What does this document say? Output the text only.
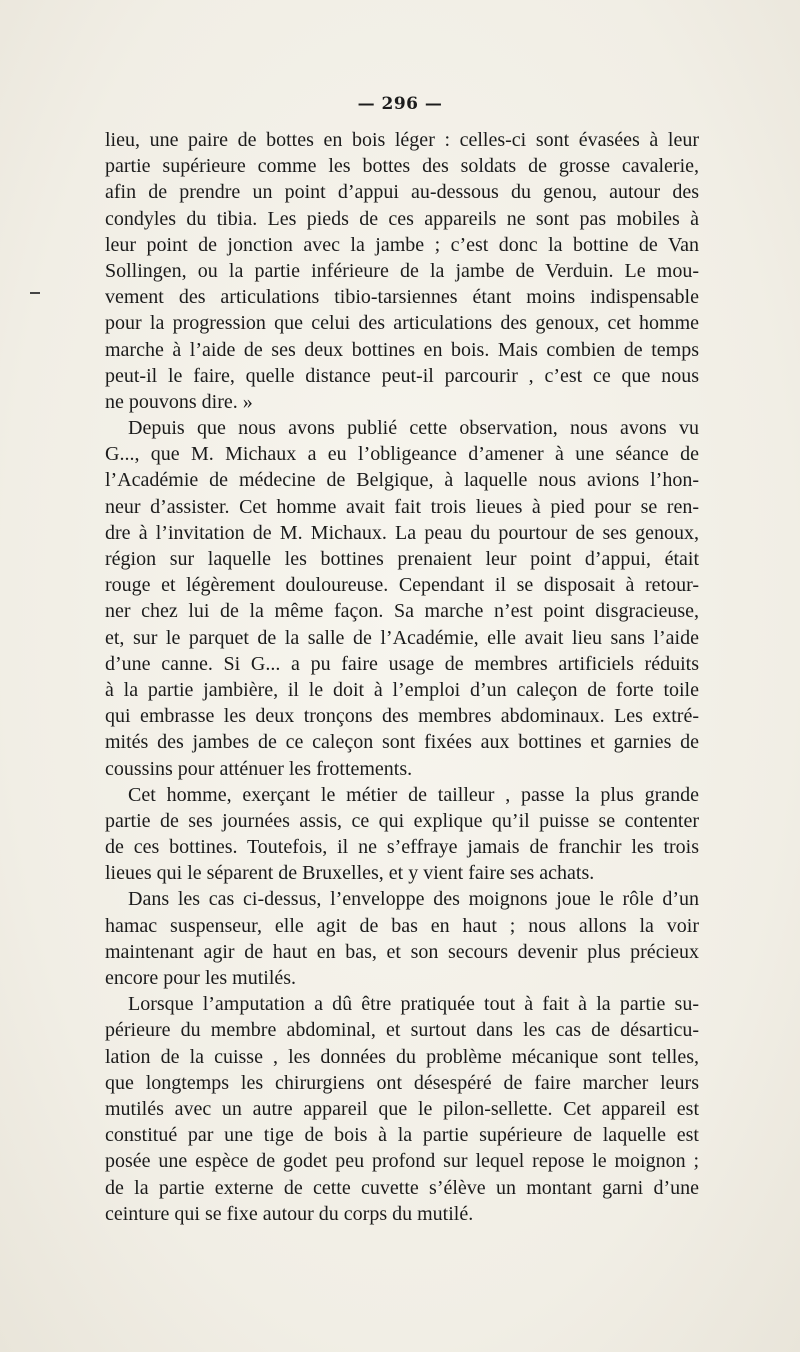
— 296 —

lieu, une paire de bottes en bois léger : celles-ci sont évasées à leur
partie supérieure comme les bottes des soldats de grosse cavalerie,
afin de prendre un point d’appui au-dessous du genou, autour des
condyles du tibia. Les pieds de ces appareils ne sont pas mobiles à
leur point de jonction avec la jambe ; c’est donc la bottine de Van
Sollingen, ou la partie inférieure de la jambe de Verduin. Le mou-
vement des articulations tibio-tarsiennes étant moins indispensable
pour la progression que celui des articulations des genoux, cet homme
marche à l’aide de ses deux bottines en bois. Mais combien de temps
peut-il le faire, quelle distance peut-il parcourir , c’est ce que nous
ne pouvons dire. »
Depuis que nous avons publié cette observation, nous avons vu
G..., que M. Michaux a eu l’obligeance d’amener à une séance de
l’Académie de médecine de Belgique, à laquelle nous avions l’hon-
neur d’assister. Cet homme avait fait trois lieues à pied pour se ren-
dre à l’invitation de M. Michaux. La peau du pourtour de ses genoux,
région sur laquelle les bottines prenaient leur point d’appui, était
rouge et légèrement douloureuse. Cependant il se disposait à retour-
ner chez lui de la même façon. Sa marche n’est point disgracieuse,
et, sur le parquet de la salle de l’Académie, elle avait lieu sans l’aide
d’une canne. Si G... a pu faire usage de membres artificiels réduits
à la partie jambière, il le doit à l’emploi d’un caleçon de forte toile
qui embrasse les deux tronçons des membres abdominaux. Les extré-
mités des jambes de ce caleçon sont fixées aux bottines et garnies de
coussins pour atténuer les frottements.
Cet homme, exerçant le métier de tailleur , passe la plus grande
partie de ses journées assis, ce qui explique qu’il puisse se contenter
de ces bottines. Toutefois, il ne s’effraye jamais de franchir les trois
lieues qui le séparent de Bruxelles, et y vient faire ses achats.
Dans les cas ci-dessus, l’enveloppe des moignons joue le rôle d’un
hamac suspenseur, elle agit de bas en haut ; nous allons la voir
maintenant agir de haut en bas, et son secours devenir plus précieux
encore pour les mutilés.
Lorsque l’amputation a dû être pratiquée tout à fait à la partie su-
périeure du membre abdominal, et surtout dans les cas de désarticu-
lation de la cuisse , les données du problème mécanique sont telles,
que longtemps les chirurgiens ont désespéré de faire marcher leurs
mutilés avec un autre appareil que le pilon-sellette. Cet appareil est
constitué par une tige de bois à la partie supérieure de laquelle est
posée une espèce de godet peu profond sur lequel repose le moignon ;
de la partie externe de cette cuvette s’élève un montant garni d’une
ceinture qui se fixe autour du corps du mutilé.
